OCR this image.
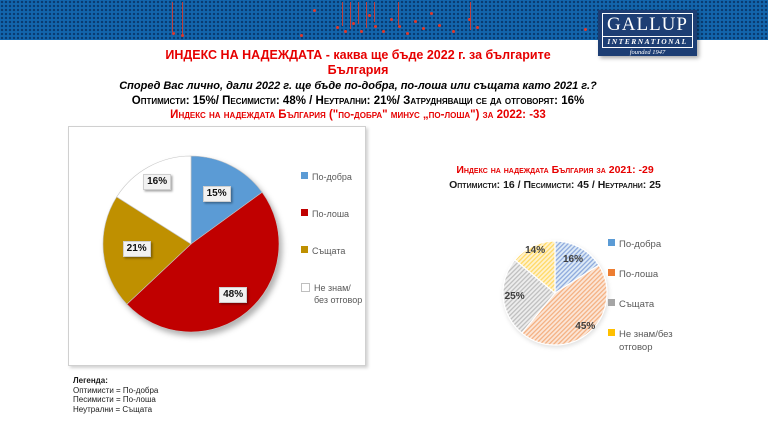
GALLUP
INTERNATIONAL
founded 1947
ИНДЕКС НА НАДЕЖДАТА - каква ще бъде 2022 г. за българите
България
Според Вас лично, дали 2022 г. ще бъде по-добра, по-лоша или същата като 2021 г.?
Оптимисти: 15%/ Песимисти: 48% / Неутрални: 21%/ Затрудняващи се да отговорят: 16%
Индекс на надеждата България ("по-добра" минус „по-лоша") за 2022: -33
15%
48%
21%
16%	По-добра
По-лоша
Същата
Не знам/без отговор
Индекс на надеждата България за 2021: -29
Оптимисти: 16 / Песимисти: 45 / Неутрални: 25
16%
45%
25%
14%
По-добра
По-лоша
Същата
Не знам/без отговор
Легенда:
Оптимисти = По-добра
Песимисти = По-лоша
Неутрални = Същата
